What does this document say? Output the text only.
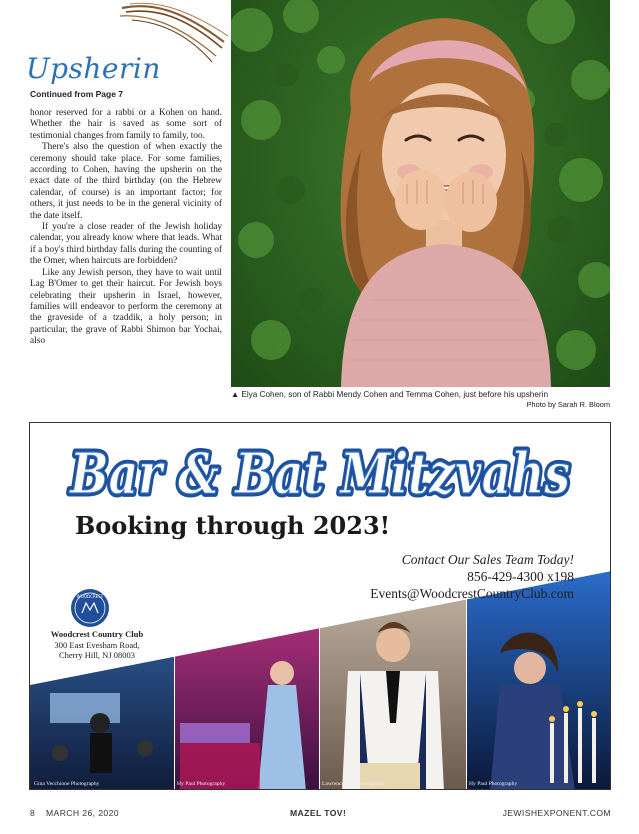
Upsherin
Continued from Page 7

honor reserved for a rabbi or a Kohen on hand. Whether the hair is saved as some sort of testimonial changes from family to family, too.

There's also the question of when exactly the ceremony should take place. For some families, according to Cohen, having the upsherin on the exact date of the third birthday (on the Hebrew calendar, of course) is an important factor; for others, it just needs to be in the general vicinity of the date itself.

If you're a close reader of the Jewish holiday calendar, you already know where that leads. What if a boy's third birthday falls during the counting of the Omer, when haircuts are forbidden?

Like any Jewish person, they have to wait until Lag B'Omer to get their haircut. For Jewish boys celebrating their upsherin in Israel, however, families will endeavor to perform the ceremony at the graveside of a tzaddik, a holy person; in particular, the grave of Rabbi Shimon bar Yochai, also

▲ Elya Cohen, son of Rabbi Mendy Cohen and Temma Cohen, just before his upsherin
Photo by Sarah R. Bloom
Gina Vecchione Photography	Hy Paul Photography	Lawrence Ulm Photography	Hy Paul Photography
Bar & Bat Mitzvahs
Bar & Bat Mitzvahs
Booking through 2023!
Contact Our Sales Team Today!
856-429-4300 x198
Events@WoodcrestCountryClub.com
WOODCREST
Woodcrest Country Club
300 East Evesham Road,
Cherry Hill, NJ 08003
8 MARCH 26, 2020	MAZEL TOV!	JEWISHEXPONENT.COM
